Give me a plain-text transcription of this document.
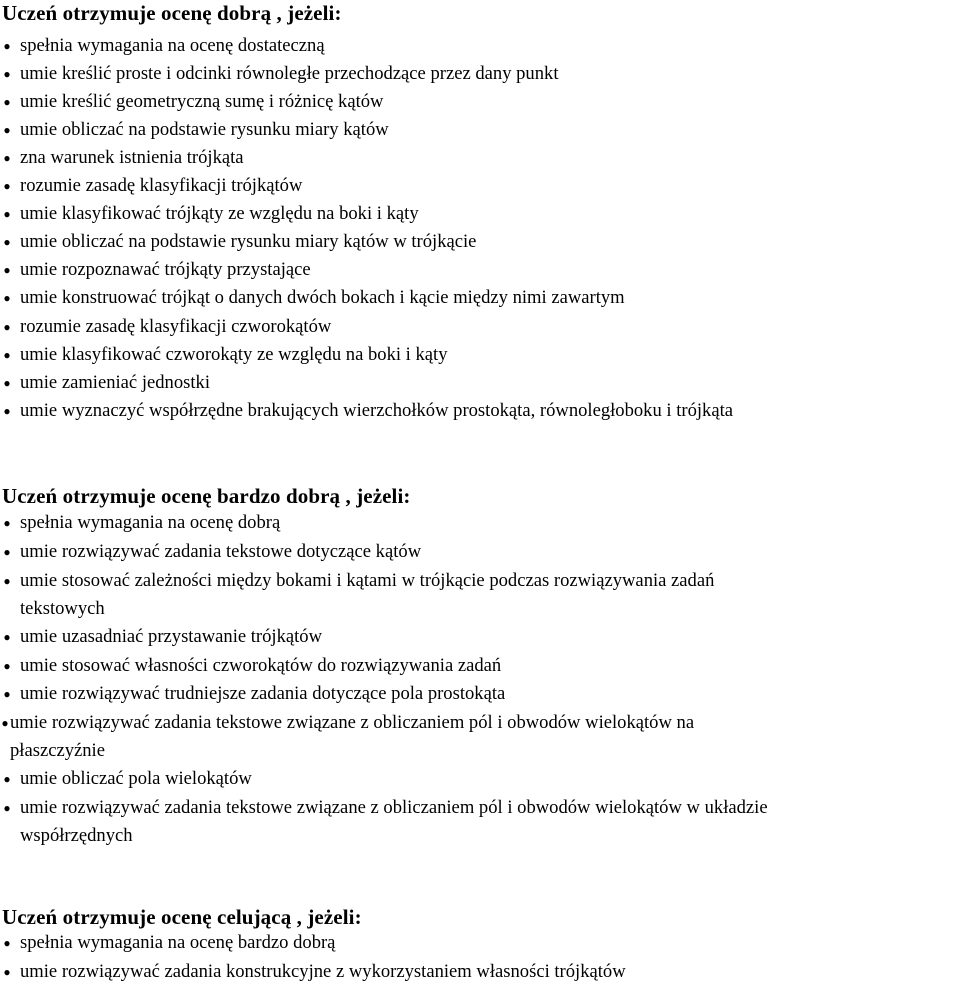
Uczeń otrzymuje ocenę dobrą , jeżeli:

● spełnia wymagania na ocenę dostateczną

● umie kreślić proste i odcinki równoległe przechodzące przez dany punkt

● umie kreślić geometryczną sumę i różnicę kątów

● umie obliczać na podstawie rysunku miary kątów

● zna warunek istnienia trójkąta

● rozumie zasadę klasyfikacji trójkątów

● umie klasyfikować trójkąty ze względu na boki i kąty

● umie obliczać na podstawie rysunku miary kątów w trójkącie

● umie rozpoznawać trójkąty przystające

● umie konstruować trójkąt o danych dwóch bokach i kącie między nimi zawartym

● rozumie zasadę klasyfikacji czworokątów

● umie klasyfikować czworokąty ze względu na boki i kąty

● umie zamieniać jednostki

● umie wyznaczyć współrzędne brakujących wierzchołków prostokąta, równoległoboku i trójkąta

Uczeń otrzymuje ocenę bardzo dobrą , jeżeli:

● spełnia wymagania na ocenę dobrą

● umie rozwiązywać zadania tekstowe dotyczące kątów

● umie stosować zależności między bokami i kątami w trójkącie podczas rozwiązywania zadań

tekstowych

● umie uzasadniać przystawanie trójkątów

● umie stosować własności czworokątów do rozwiązywania zadań

● umie rozwiązywać trudniejsze zadania dotyczące pola prostokąta

● umie rozwiązywać zadania tekstowe związane z obliczaniem pól i obwodów wielokątów na

płaszczyźnie

● umie obliczać pola wielokątów

● umie rozwiązywać zadania tekstowe związane z obliczaniem pól i obwodów wielokątów w układzie

współrzędnych

Uczeń otrzymuje ocenę celującą , jeżeli:

● spełnia wymagania na ocenę bardzo dobrą

● umie rozwiązywać zadania konstrukcyjne z wykorzystaniem własności trójkątów
